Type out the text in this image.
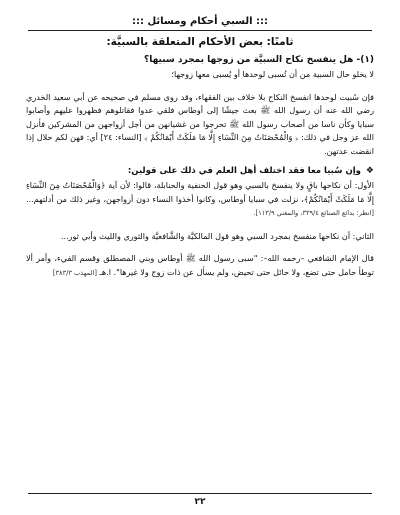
::: السبي أحكام ومسائل :::
ثامنًا: بعض الأحكام المتعلقة بالسبيَّة:
(١)- هل ينفسخ نكاح السبيَّة من زوجها بمجرد سبيها؟
لا يخلو حال السبية من أن تُسبى لوحدها أو يُسبى معها زوجها؛
فإن سُبيت لوحدها انفسخ النكاح بلا خلاف بين الفقهاء، وقد روى مسلم في صحيحه عن أبي سعيد الخدري رضي الله عنه أن رسول الله ﷺ بعث جيشًا إلى أوطاس فلقي عدوا فقاتلوهم فظهروا عليهم وأصابوا سبايا وكأن ناسا من أصحاب رسول الله ﷺ تحرجوا من غشيانهن من أجل أزواجهن من المشركين فأنزل الله عز وجل في ذلك: ﴿ وَالْمُحْصَنَاتُ مِنَ النِّسَاءِ إِلَّا مَا مَلَكَتْ أَيْمَانُكُمْ ﴾ [النساء: ٢٤] أي: فهن لكم حلال إذا انقضت عدتهن.
❖
وإن سُبيا معا فقد اختلف أهل العلم في ذلك على قولين:
الأول: أن نكاحها باقٍ ولا ينفسخ بالسبي وهو قول الحنفية والحنابلة، قالوا: لأن آية ﴿وَالْمُحْصَنَاتُ مِنَ النِّسَاءِ إِلَّا مَا مَلَكَتْ أَيْمَانُكُمْ﴾، نزلت في سبايا أوطاس، وكانوا أخذوا النساء دون أزواجهن، وغير ذلك من أدلتهم... [انظر: بدائع الصنائع ٣٣٩/٤، والمغني ١١٣/٩].
الثاني: أن نكاحها منفسخ بمجرد السبي وهو قول المالكيَّة والشَّافعيَّة والثوري والليث وأبي ثور...
قال الإمام الشافعي –رحمه الله–: "سبى رسول الله ﷺ أوطاس وبني المصطلق وقسم الفيء، وأمر ألا توطأ حامل حتى تضع، ولا حائل حتى تحيض، ولم يسأل عن ذات زوج ولا غيرها". ا.هـ [المهذب ٣٨٣/٣]
٢٢
